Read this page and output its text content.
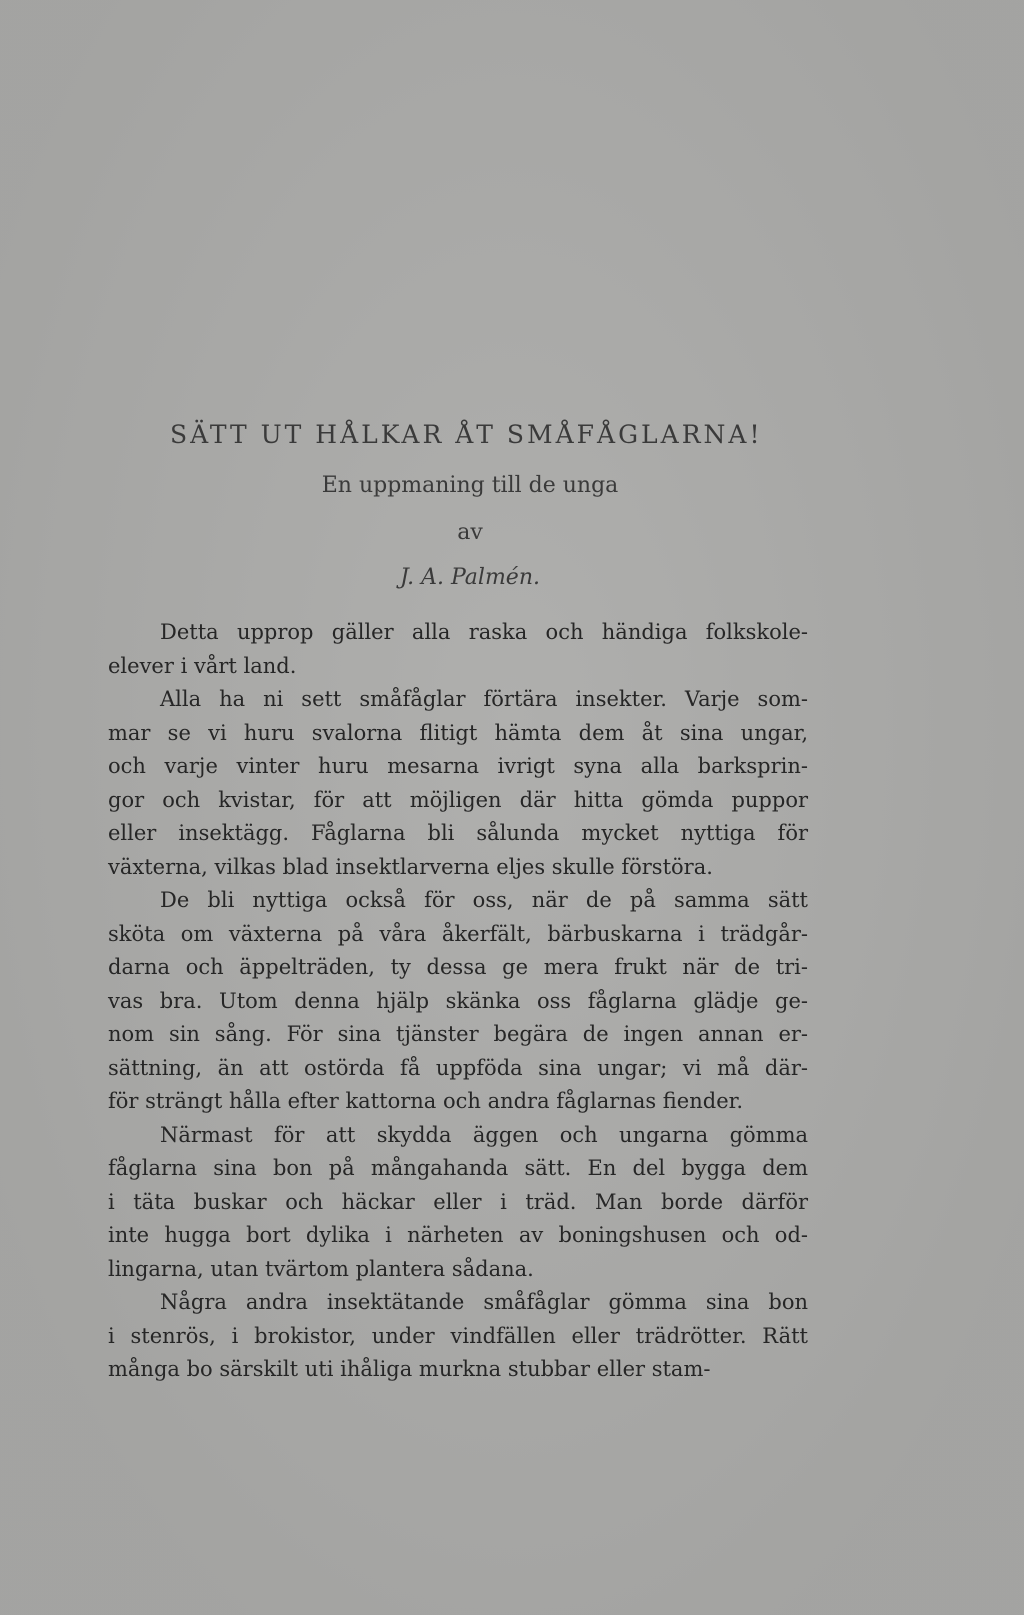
SÄTT UT HÅLKAR ÅT SMÅFÅGLARNA!
En uppmaning till de unga
av
J. A. Palmén.
Detta upprop gäller alla raska och händiga folkskole-
elever i vårt land.
Alla ha ni sett småfåglar förtära insekter. Varje som-
mar se vi huru svalorna flitigt hämta dem åt sina ungar,
och varje vinter huru mesarna ivrigt syna alla barksprin-
gor och kvistar, för att möjligen där hitta gömda puppor
eller insektägg. Fåglarna bli sålunda mycket nyttiga för
växterna, vilkas blad insektlarverna eljes skulle förstöra.
De bli nyttiga också för oss, när de på samma sätt
sköta om växterna på våra åkerfält, bärbuskarna i trädgår-
darna och äppelträden, ty dessa ge mera frukt när de tri-
vas bra. Utom denna hjälp skänka oss fåglarna glädje ge-
nom sin sång. För sina tjänster begära de ingen annan er-
sättning, än att ostörda få uppföda sina ungar; vi må där-
för strängt hålla efter kattorna och andra fåglarnas fiender.
Närmast för att skydda äggen och ungarna gömma
fåglarna sina bon på mångahanda sätt. En del bygga dem
i täta buskar och häckar eller i träd. Man borde därför
inte hugga bort dylika i närheten av boningshusen och od-
lingarna, utan tvärtom plantera sådana.
Några andra insektätande småfåglar gömma sina bon
i stenrös, i brokistor, under vindfällen eller trädrötter. Rätt
många bo särskilt uti ihåliga murkna stubbar eller stam-
